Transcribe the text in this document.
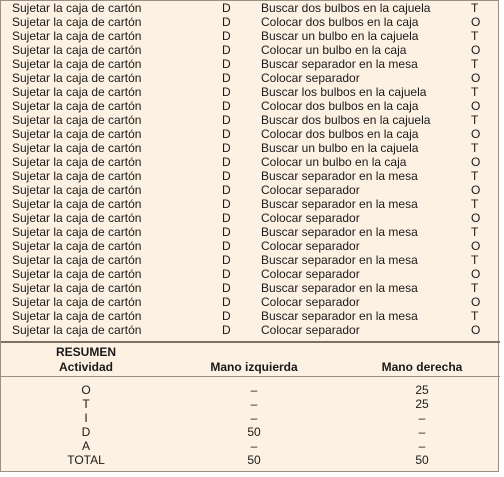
Sujetar la caja de cartón	D	Buscar dos bulbos en la cajuela	T
Sujetar la caja de cartón	D	Colocar dos bulbos en la caja	O
Sujetar la caja de cartón	D	Buscar un bulbo en la cajuela	T
Sujetar la caja de cartón	D	Colocar un bulbo en la caja	O
Sujetar la caja de cartón	D	Buscar separador en la mesa	T
Sujetar la caja de cartón	D	Colocar separador	O
Sujetar la caja de cartón	D	Buscar los bulbos en la cajuela	T
Sujetar la caja de cartón	D	Colocar dos bulbos en la caja	O
Sujetar la caja de cartón	D	Buscar dos bulbos en la cajuela	T
Sujetar la caja de cartón	D	Colocar dos bulbos en la caja	O
Sujetar la caja de cartón	D	Buscar un bulbo en la cajuela	T
Sujetar la caja de cartón	D	Colocar un bulbo en la caja	O
Sujetar la caja de cartón	D	Buscar separador en la mesa	T
Sujetar la caja de cartón	D	Colocar separador	O
Sujetar la caja de cartón	D	Buscar separador en la mesa	T
Sujetar la caja de cartón	D	Colocar separador	O
Sujetar la caja de cartón	D	Buscar separador en la mesa	T
Sujetar la caja de cartón	D	Colocar separador	O
Sujetar la caja de cartón	D	Buscar separador en la mesa	T
Sujetar la caja de cartón	D	Colocar separador	O
Sujetar la caja de cartón	D	Buscar separador en la mesa	T
Sujetar la caja de cartón	D	Colocar separador	O
Sujetar la caja de cartón	D	Buscar separador en la mesa	T
Sujetar la caja de cartón	D	Colocar separador	O
RESUMEN
Actividad	Mano izquierda	Mano derecha
O	–	25
T	–	25
I	–	–
D	50	–
A	–	–
TOTAL	50	50
